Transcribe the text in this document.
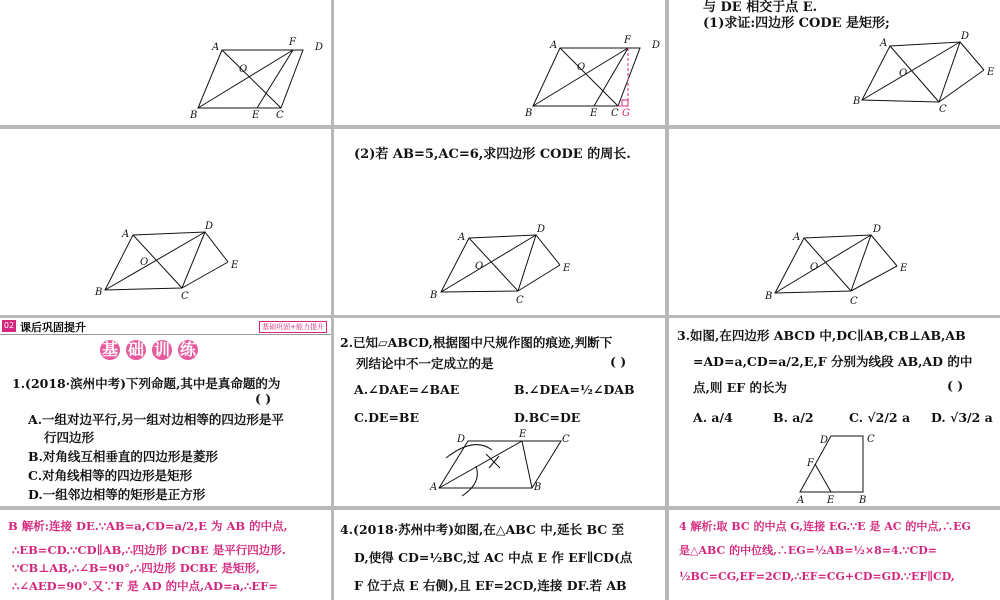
A	F D
O
B	E C
A	F D
O
B	E C G
与 DE 相交于点 E.
(1)求证:四边形 CODE 是矩形;
A
D
E
O
B
C
A
D
E
O
B	C
(2)若 AB=5,AC=6,求四边形 CODE 的周长.
A
D
E
O
B	C
A
D
E
O
B	C
02 课后巩固提升	基础巩固+能力提升
基 础 训 练
1.(2018·滨州中考)下列命题,其中是真命题的为
( )
A.一组对边平行,另一组对边相等的四边形是平
行四边形
B.对角线互相垂直的四边形是菱形
C.对角线相等的四边形是矩形
D.一组邻边相等的矩形是正方形
2.已知▱ABCD,根据图中尺规作图的痕迹,判断下
列结论中不一定成立的是	( )
A.∠DAE=∠BAE	B.∠DEA=½∠DAB
C.DE=BE	D.BC=DE
D	E	C
A	B
3.如图,在四边形 ABCD 中,DC∥AB,CB⊥AB,AB
=AD=a,CD=a/2,E,F 分别为线段 AB,AD 的中
点,则 EF 的长为	( )
A. a/4	B. a/2	C. √2/2 a D. √3/2 a
D	C
F
A E B
B 解析:连接 DE.∵AB=a,CD=a/2,E 为 AB 的中点,
∴EB=CD.∵CD∥AB,∴四边形 DCBE 是平行四边形.
∵CB⊥AB,∴∠B=90°,∴四边形 DCBE 是矩形,
∴∠AED=90°.又∵F 是 AD 的中点,AD=a,∴EF=
4.(2018·苏州中考)如图,在△ABC 中,延长 BC 至
D,使得 CD=½BC,过 AC 中点 E 作 EF∥CD(点
F 位于点 E 右侧),且 EF=2CD,连接 DF.若 AB
4 解析:取 BC 的中点 G,连接 EG.∵E 是 AC 的中点,∴EG
是△ABC 的中位线,∴EG=½AB=½×8=4.∵CD=
½BC=CG,EF=2CD,∴EF=CG+CD=GD.∵EF∥CD,
